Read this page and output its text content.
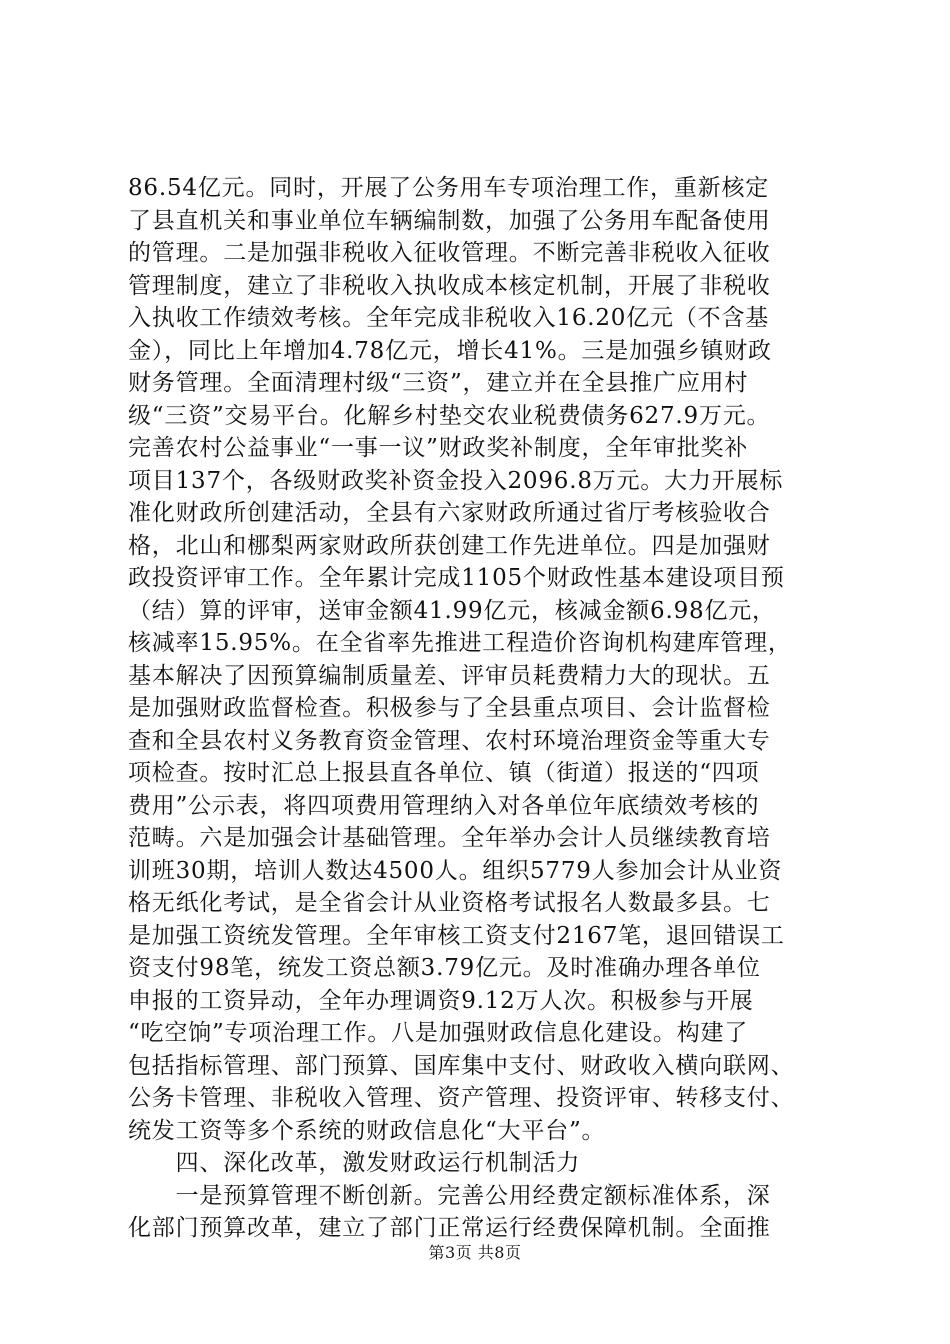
86.54亿元。同时，开展了公务用车专项治理工作，重新核定
了县直机关和事业单位车辆编制数，加强了公务用车配备使用
的管理。二是加强非税收入征收管理。不断完善非税收入征收
管理制度，建立了非税收入执收成本核定机制，开展了非税收
入执收工作绩效考核。全年完成非税收入16.20亿元（不含基
金），同比上年增加4.78亿元，增长41%。三是加强乡镇财政
财务管理。全面清理村级“三资”，建立并在全县推广应用村
级“三资”交易平台。化解乡村垫交农业税费债务627.9万元。
完善农村公益事业“一事一议”财政奖补制度，全年审批奖补
项目137个，各级财政奖补资金投入2096.8万元。大力开展标
准化财政所创建活动，全县有六家财政所通过省厅考核验收合
格，北山和梛梨两家财政所获创建工作先进单位。四是加强财
政投资评审工作。全年累计完成1105个财政性基本建设项目预
（结）算的评审，送审金额41.99亿元，核减金额6.98亿元，
核减率15.95%。在全省率先推进工程造价咨询机构建库管理，
基本解决了因预算编制质量差、评审员耗费精力大的现状。五
是加强财政监督检查。积极参与了全县重点项目、会计监督检
查和全县农村义务教育资金管理、农村环境治理资金等重大专
项检查。按时汇总上报县直各单位、镇（街道）报送的“四项
费用”公示表，将四项费用管理纳入对各单位年底绩效考核的
范畴。六是加强会计基础管理。全年举办会计人员继续教育培
训班30期，培训人数达4500人。组织5779人参加会计从业资
格无纸化考试，是全省会计从业资格考试报名人数最多县。七
是加强工资统发管理。全年审核工资支付2167笔，退回错误工
资支付98笔，统发工资总额3.79亿元。及时准确办理各单位
申报的工资异动，全年办理调资9.12万人次。积极参与开展
“吃空饷”专项治理工作。八是加强财政信息化建设。构建了
包括指标管理、部门预算、国库集中支付、财政收入横向联网、
公务卡管理、非税收入管理、资产管理、投资评审、转移支付、
统发工资等多个系统的财政信息化“大平台”。
　　四、深化改革，激发财政运行机制活力
　　一是预算管理不断创新。完善公用经费定额标准体系，深
化部门预算改革，建立了部门正常运行经费保障机制。全面推
第3页 共8页
